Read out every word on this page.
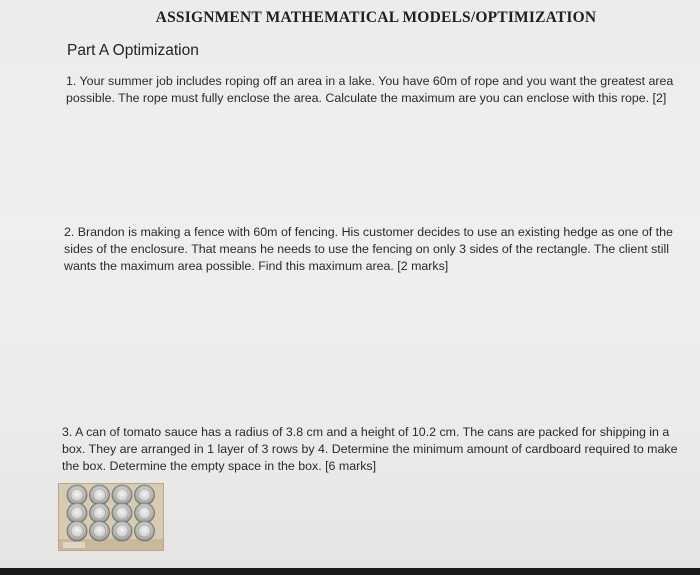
ASSIGNMENT MATHEMATICAL MODELS/OPTIMIZATION
Part A Optimization

1. Your summer job includes roping off an area in a lake. You have 60m of rope and you want the greatest area possible. The rope must fully enclose the area. Calculate the maximum are you can enclose with this rope. [2]

2. Brandon is making a fence with 60m of fencing. His customer decides to use an existing hedge as one of the sides of the enclosure. That means he needs to use the fencing on only 3 sides of the rectangle. The client still wants the maximum area possible. Find this maximum area. [2 marks]

3. A can of tomato sauce has a radius of 3.8 cm and a height of 10.2 cm. The cans are packed for shipping in a box. They are arranged in 1 layer of 3 rows by 4. Determine the minimum amount of cardboard required to make the box. Determine the empty space in the box. [6 marks]
